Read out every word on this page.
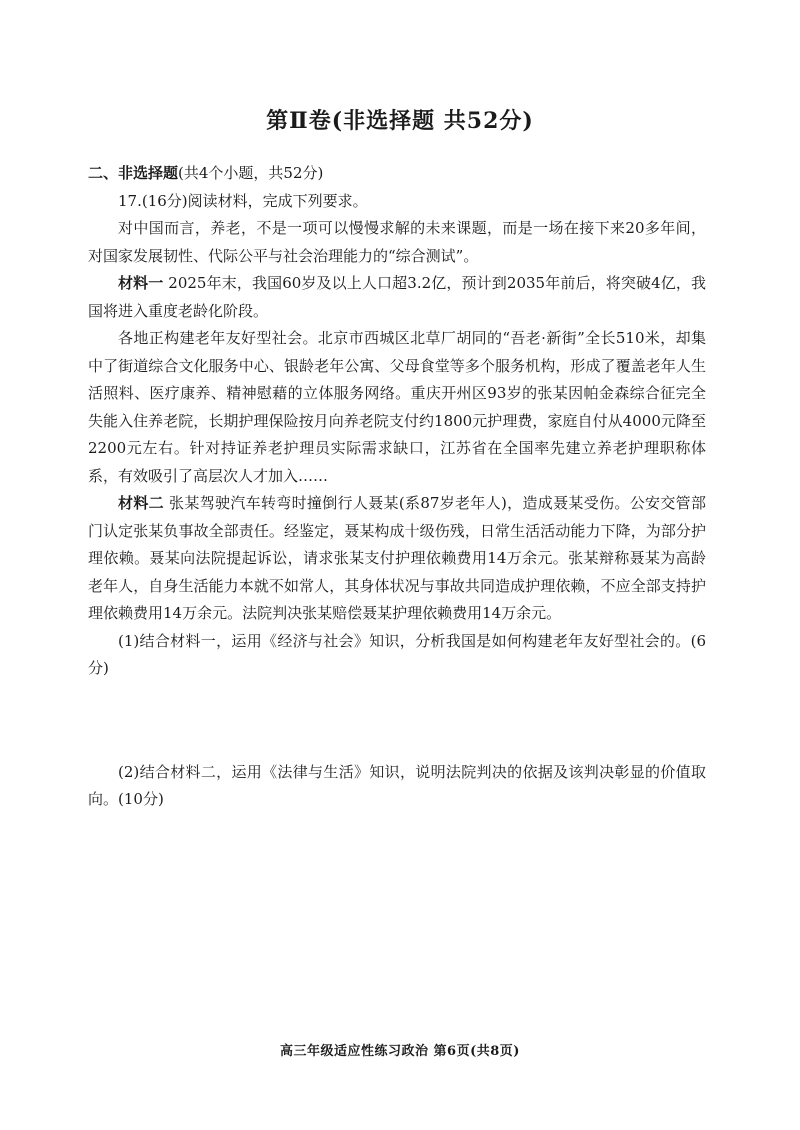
第Ⅱ卷(非选择题 共52分)

二、非选择题(共4个小题，共52分)

17.(16分)阅读材料，完成下列要求。

对中国而言，养老，不是一项可以慢慢求解的未来课题，而是一场在接下来20多年间，对国家发展韧性、代际公平与社会治理能力的“综合测试”。

材料一 2025年末，我国60岁及以上人口超3.2亿，预计到2035年前后，将突破4亿，我国将进入重度老龄化阶段。

各地正构建老年友好型社会。北京市西城区北草厂胡同的“吾老·新街”全长510米，却集中了街道综合文化服务中心、银龄老年公寓、父母食堂等多个服务机构，形成了覆盖老年人生活照料、医疗康养、精神慰藉的立体服务网络。重庆开州区93岁的张某因帕金森综合征完全失能入住养老院，长期护理保险按月向养老院支付约1800元护理费，家庭自付从4000元降至2200元左右。针对持证养老护理员实际需求缺口，江苏省在全国率先建立养老护理职称体系，有效吸引了高层次人才加入……

材料二 张某驾驶汽车转弯时撞倒行人聂某(系87岁老年人)，造成聂某受伤。公安交管部门认定张某负事故全部责任。经鉴定，聂某构成十级伤残，日常生活活动能力下降，为部分护理依赖。聂某向法院提起诉讼，请求张某支付护理依赖费用14万余元。张某辩称聂某为高龄老年人，自身生活能力本就不如常人，其身体状况与事故共同造成护理依赖，不应全部支持护理依赖费用14万余元。法院判决张某赔偿聂某护理依赖费用14万余元。

(1)结合材料一，运用《经济与社会》知识，分析我国是如何构建老年友好型社会的。(6分)

(2)结合材料二，运用《法律与生活》知识，说明法院判决的依据及该判决彰显的价值取向。(10分)

高三年级适应性练习政治 第6页(共8页)
